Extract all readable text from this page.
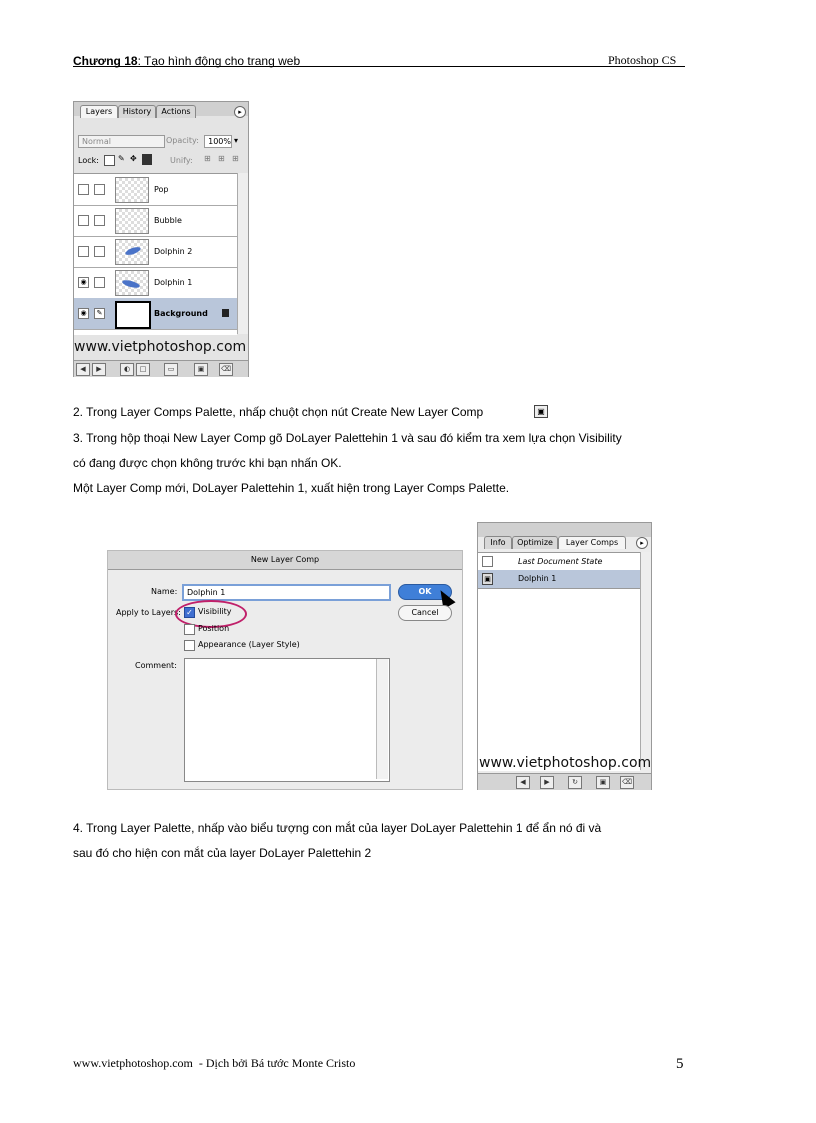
Chương 18: Tạo hình động cho trang web	Photoshop CS
Layers	History	Actions	▸
Normal	Opacity:	100% ▾
Lock: ✎ ✥	Unify: ⊞ ⊞ ⊞
Pop
Bubble
Dolphin 2
◉	Dolphin 1
◉	✎	Background
www.vietphotoshop.com
◀	▶	◐	□	▭	▣	⌫
2. Trong Layer Comps Palette, nhấp chuột chọn nút Create New Layer Comp	▣
3. Trong hộp thoại New Layer Comp gõ DoLayer Palettehin 1 và sau đó kiểm tra xem lựa chọn Visibility
có đang được chọn không trước khi bạn nhấn OK.
Một Layer Comp mới, DoLayer Palettehin 1, xuất hiện trong Layer Comps Palette.
New Layer Comp
Name:	Dolphin 1	OK
Cancel
Apply to Layers: ✓ Visibility
Position
Appearance (Layer Style)
Comment:
Info	Optimize	Layer Comps	▸
Last Document State
▣	Dolphin 1
www.vietphotoshop.com
◀	▶	↻	▣	⌫
4. Trong Layer Palette, nhấp vào biểu tượng con mắt của layer DoLayer Palettehin 1 để ẩn nó đi và
sau đó cho hiện con mắt của layer DoLayer Palettehin 2
www.vietphotoshop.com  - Dịch bởi Bá tước Monte Cristo	5
